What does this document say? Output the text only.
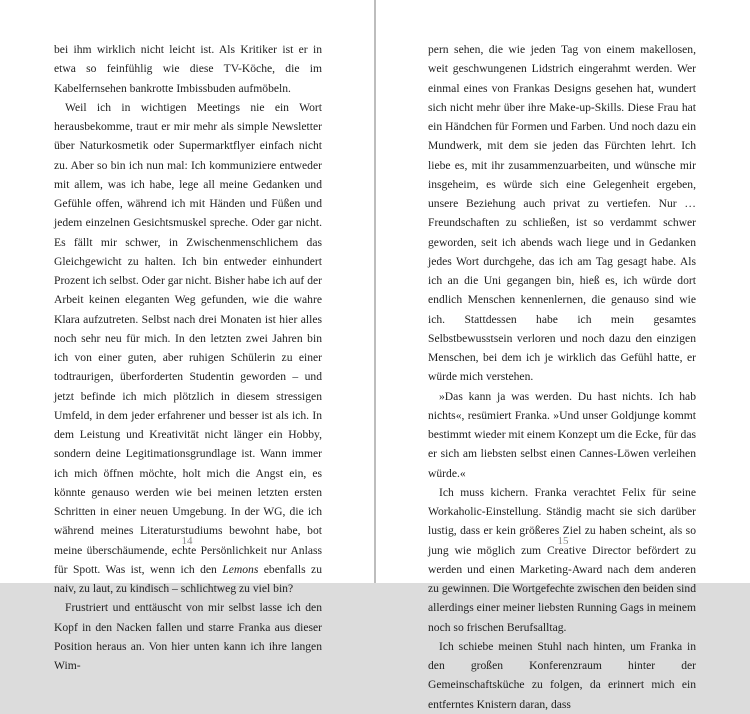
bei ihm wirklich nicht leicht ist. Als Kritiker ist er in etwa so feinfühlig wie diese TV-Köche, die im Kabelfernsehen bankrotte Imbissbuden aufmöbeln.

Weil ich in wichtigen Meetings nie ein Wort herausbekomme, traut er mir mehr als simple Newsletter über Naturkosmetik oder Supermarktflyer einfach nicht zu. Aber so bin ich nun mal: Ich kommuniziere entweder mit allem, was ich habe, lege all meine Gedanken und Gefühle offen, während ich mit Händen und Füßen und jedem einzelnen Gesichtsmuskel spreche. Oder gar nicht. Es fällt mir schwer, in Zwischenmenschlichem das Gleichgewicht zu halten. Ich bin entweder einhundert Prozent ich selbst. Oder gar nicht. Bisher habe ich auf der Arbeit keinen eleganten Weg gefunden, wie die wahre Klara aufzutreten. Selbst nach drei Monaten ist hier alles noch sehr neu für mich. In den letzten zwei Jahren bin ich von einer guten, aber ruhigen Schülerin zu einer todtraurigen, überforderten Studentin geworden – und jetzt befinde ich mich plötzlich in diesem stressigen Umfeld, in dem jeder erfahrener und besser ist als ich. In dem Leistung und Kreativität nicht länger ein Hobby, sondern deine Legitimationsgrundlage ist. Wann immer ich mich öffnen möchte, holt mich die Angst ein, es könnte genauso werden wie bei meinen letzten ersten Schritten in einer neuen Umgebung. In der WG, die ich während meines Literaturstudiums bewohnt habe, bot meine überschäumende, echte Persönlichkeit nur Anlass für Spott. Was ist, wenn ich den Lemons ebenfalls zu naiv, zu laut, zu kindisch – schlichtweg zu viel bin?

Frustriert und enttäuscht von mir selbst lasse ich den Kopf in den Nacken fallen und starre Franka aus dieser Position heraus an. Von hier unten kann ich ihre langen Wim-

14

pern sehen, die wie jeden Tag von einem makellosen, weit geschwungenen Lidstrich eingerahmt werden. Wer einmal eines von Frankas Designs gesehen hat, wundert sich nicht mehr über ihre Make-up-Skills. Diese Frau hat ein Händchen für Formen und Farben. Und noch dazu ein Mundwerk, mit dem sie jeden das Fürchten lehrt. Ich liebe es, mit ihr zusammenzuarbeiten, und wünsche mir insgeheim, es würde sich eine Gelegenheit ergeben, unsere Beziehung auch privat zu vertiefen. Nur … Freundschaften zu schließen, ist so verdammt schwer geworden, seit ich abends wach liege und in Gedanken jedes Wort durchgehe, das ich am Tag gesagt habe. Als ich an die Uni gegangen bin, hieß es, ich würde dort endlich Menschen kennenlernen, die genauso sind wie ich. Stattdessen habe ich mein gesamtes Selbstbewusstsein verloren und noch dazu den einzigen Menschen, bei dem ich je wirklich das Gefühl hatte, er würde mich verstehen.

»Das kann ja was werden. Du hast nichts. Ich hab nichts«, resümiert Franka. »Und unser Goldjunge kommt bestimmt wieder mit einem Konzept um die Ecke, für das er sich am liebsten selbst einen Cannes-Löwen verleihen würde.«

Ich muss kichern. Franka verachtet Felix für seine Workaholic-Einstellung. Ständig macht sie sich darüber lustig, dass er kein größeres Ziel zu haben scheint, als so jung wie möglich zum Creative Director befördert zu werden und einen Marketing-Award nach dem anderen zu gewinnen. Die Wortgefechte zwischen den beiden sind allerdings einer meiner liebsten Running Gags in meinem noch so frischen Berufsalltag.

Ich schiebe meinen Stuhl nach hinten, um Franka in den großen Konferenzraum hinter der Gemeinschaftsküche zu folgen, da erinnert mich ein entferntes Knistern daran, dass

15
